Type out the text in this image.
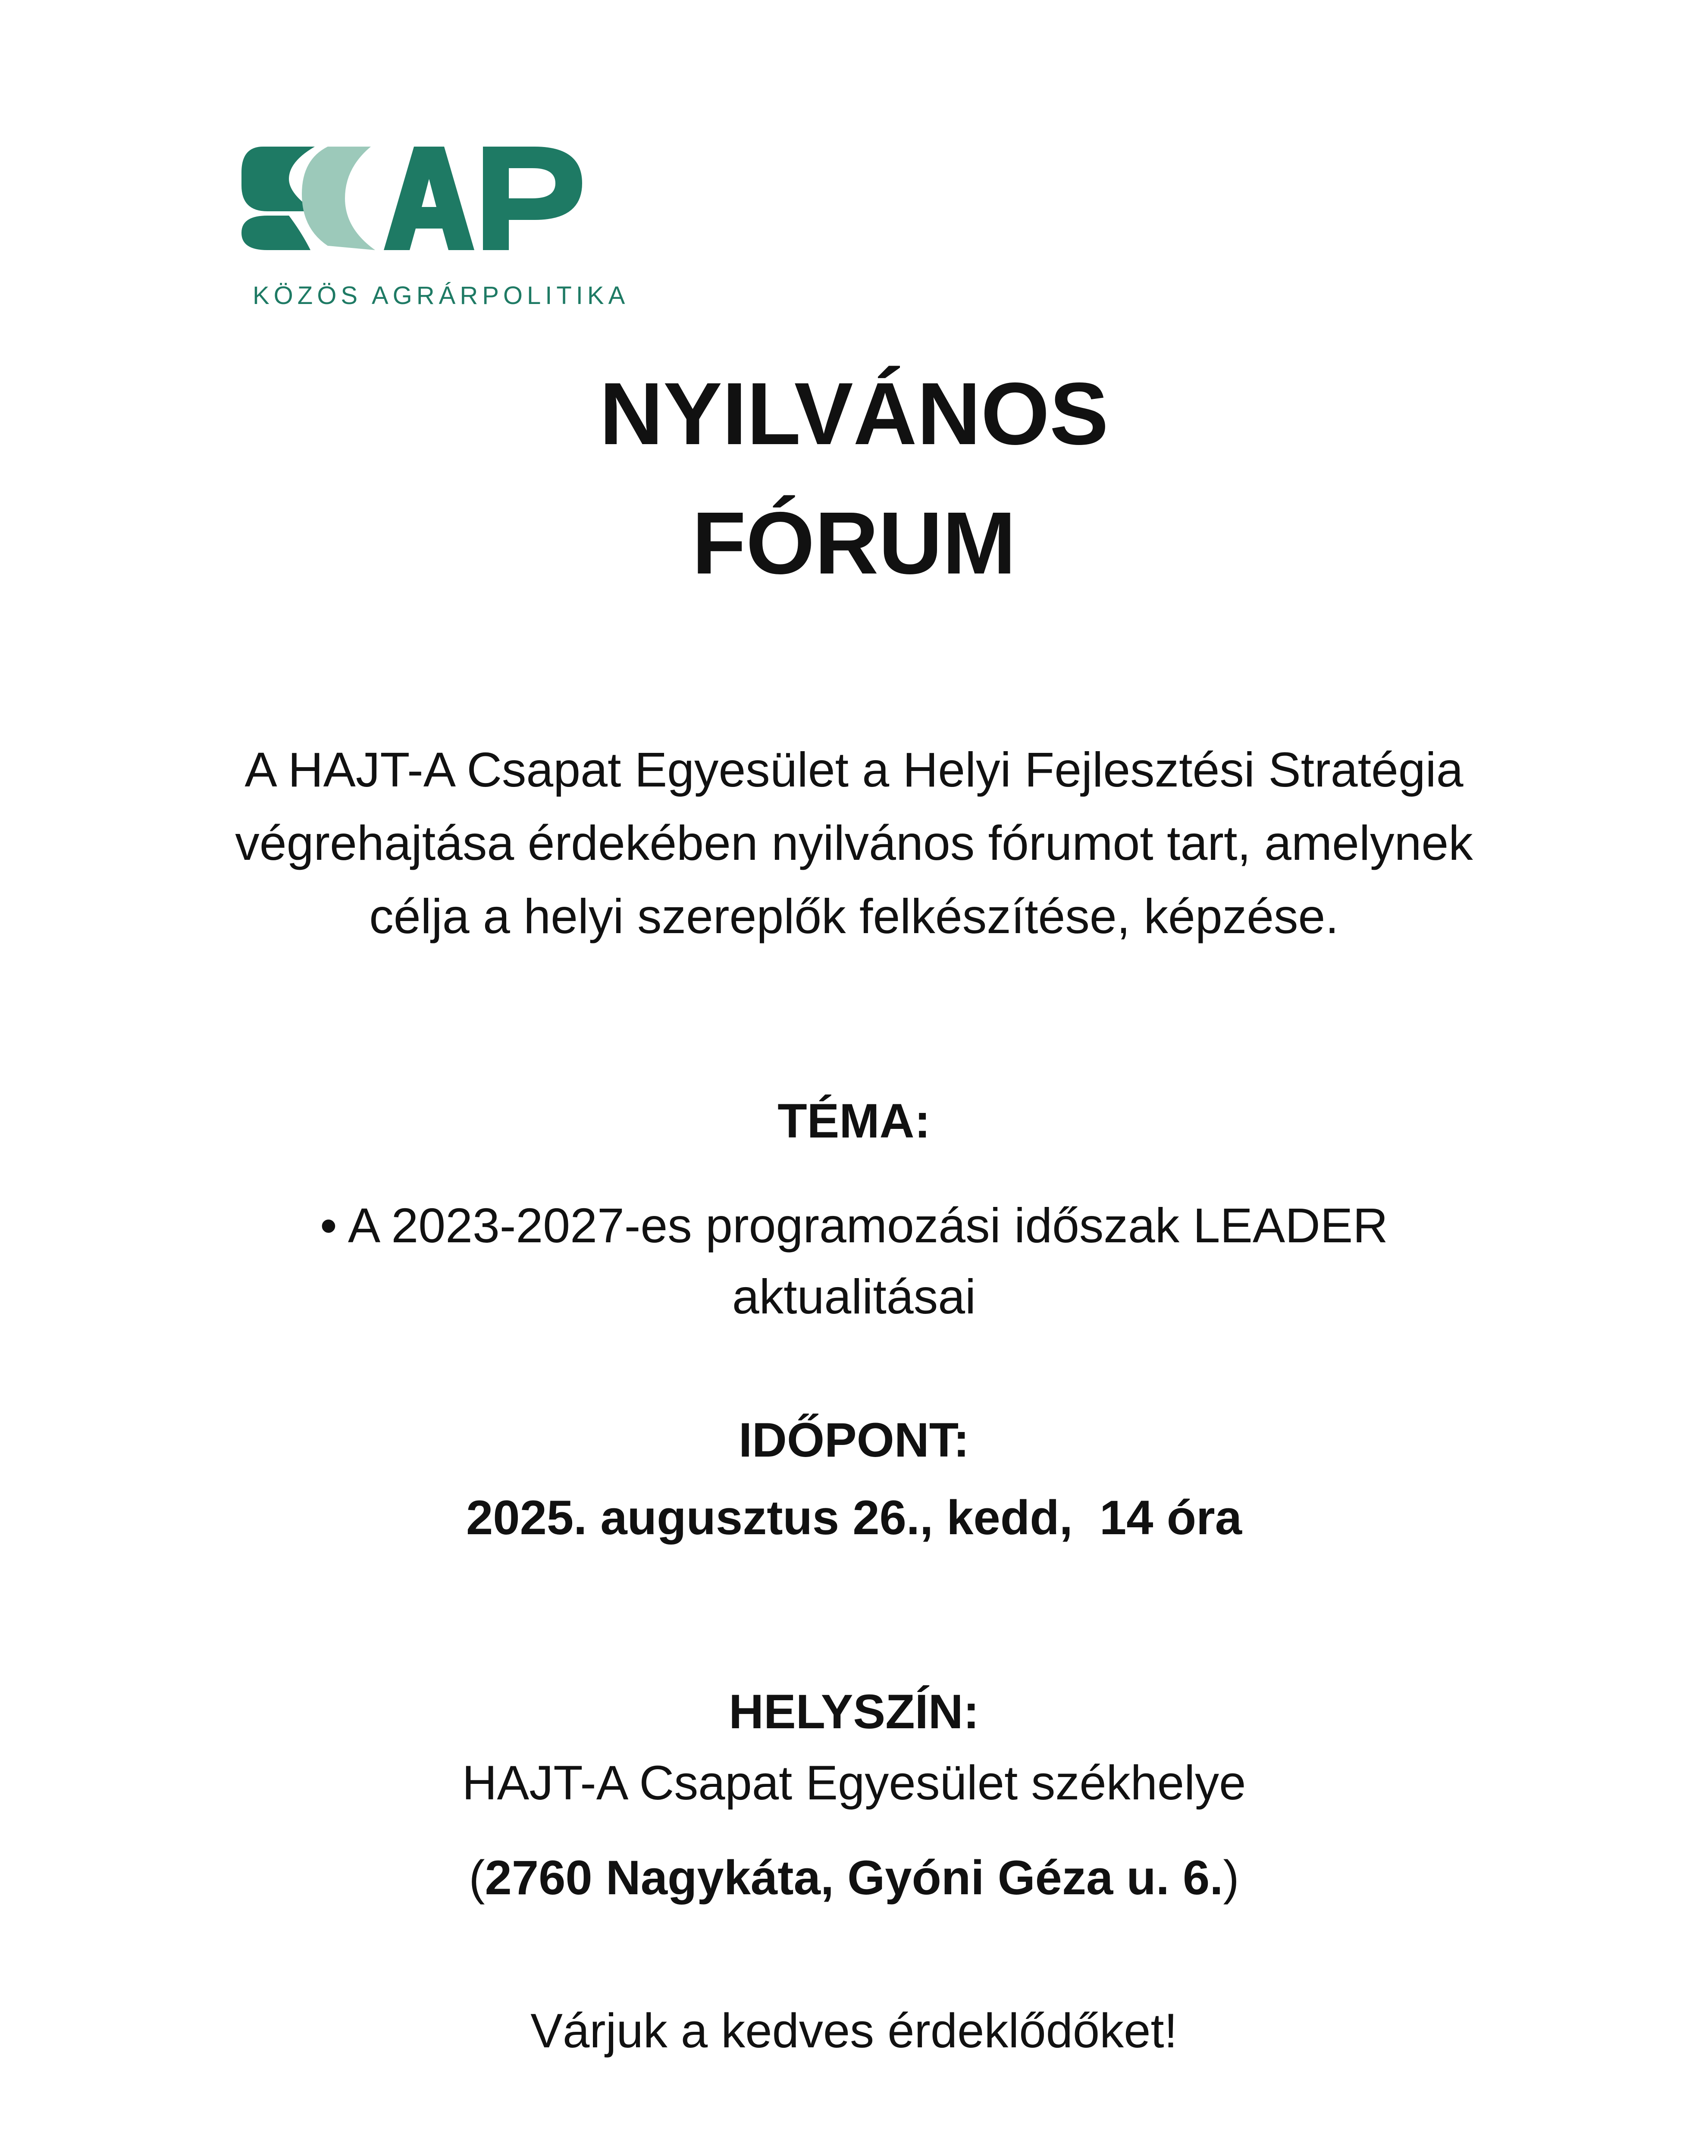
KÖZÖS AGRÁRPOLITIKA
NYILVÁNOS
FÓRUM
A HAJT-A Csapat Egyesület a Helyi Fejlesztési Stratégia
végrehajtása érdekében nyilvános fórumot tart, amelynek
célja a helyi szereplők felkészítése, képzése.
TÉMA:
• A 2023-2027-es programozási időszak LEADER
aktualitásai
IDŐPONT:
2025. augusztus 26., kedd,  14 óra
HELYSZÍN:
HAJT-A Csapat Egyesület székhelye
(2760 Nagykáta, Gyóni Géza u. 6.)
Várjuk a kedves érdeklődőket!
